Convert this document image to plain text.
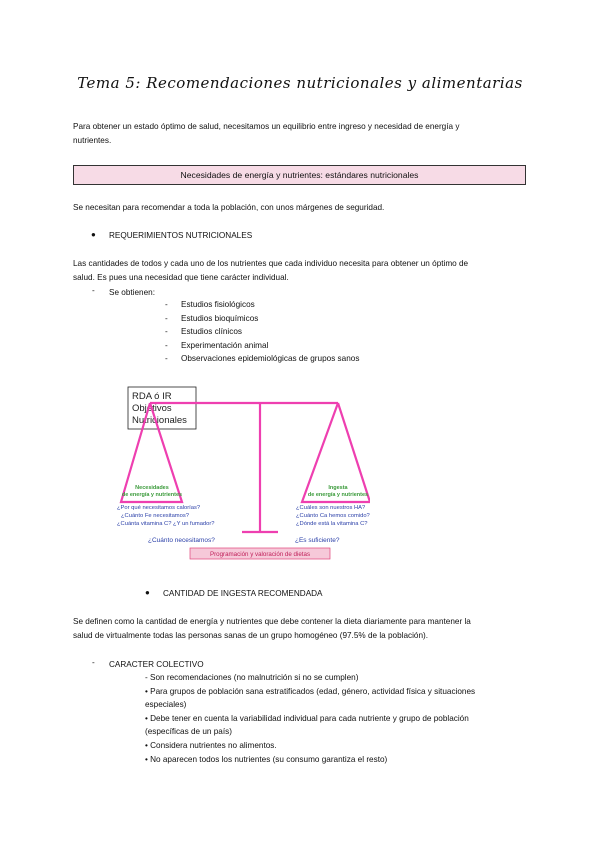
Tema 5: Recomendaciones nutricionales y alimentarias
Para obtener un estado óptimo de salud, necesitamos un equilibrio entre ingreso y necesidad de energía y
nutrientes.
Necesidades de energía y nutrientes: estándares nutricionales
Se necesitan para recomendar a toda la población, con unos márgenes de seguridad.
● REQUERIMIENTOS NUTRICIONALES
Las cantidades de todos y cada uno de los nutrientes que cada individuo necesita para obtener un óptimo de
salud. Es pues una necesidad que tiene carácter individual.
- Se obtienen:
- Estudios fisiológicos
- Estudios bioquímicos
- Estudios clínicos
- Experimentación animal
- Observaciones epidemiológicas de grupos sanos
RDA ó IR
Objetivos
Nutricionales
Necesidades
de energía y nutrientes
Ingesta
de energía y nutrientes
¿Por qué necesitamos calorías?
¿Cuánto Fe necesitamos?
¿Cuánta vitamina C? ¿Y un fumador?
¿Cuáles son nuestros HA?
¿Cuánto Ca hemos comido?
¿Dónde está la vitamina C?
¿Cuánto necesitamos?	¿Es suficiente?
Programación y valoración de dietas
● CANTIDAD DE INGESTA RECOMENDADA
Se definen como la cantidad de energía y nutrientes que debe contener la dieta diariamente para mantener la
salud de virtualmente todas las personas sanas de un grupo homogéneo (97.5% de la población).
- CARACTER COLECTIVO
- Son recomendaciones (no malnutrición si no se cumplen)
• Para grupos de población sana estratificados (edad, género, actividad física y situaciones
especiales)
• Debe tener en cuenta la variabilidad individual para cada nutriente y grupo de población
(específicas de un país)
• Considera nutrientes no alimentos.
• No aparecen todos los nutrientes (su consumo garantiza el resto)
